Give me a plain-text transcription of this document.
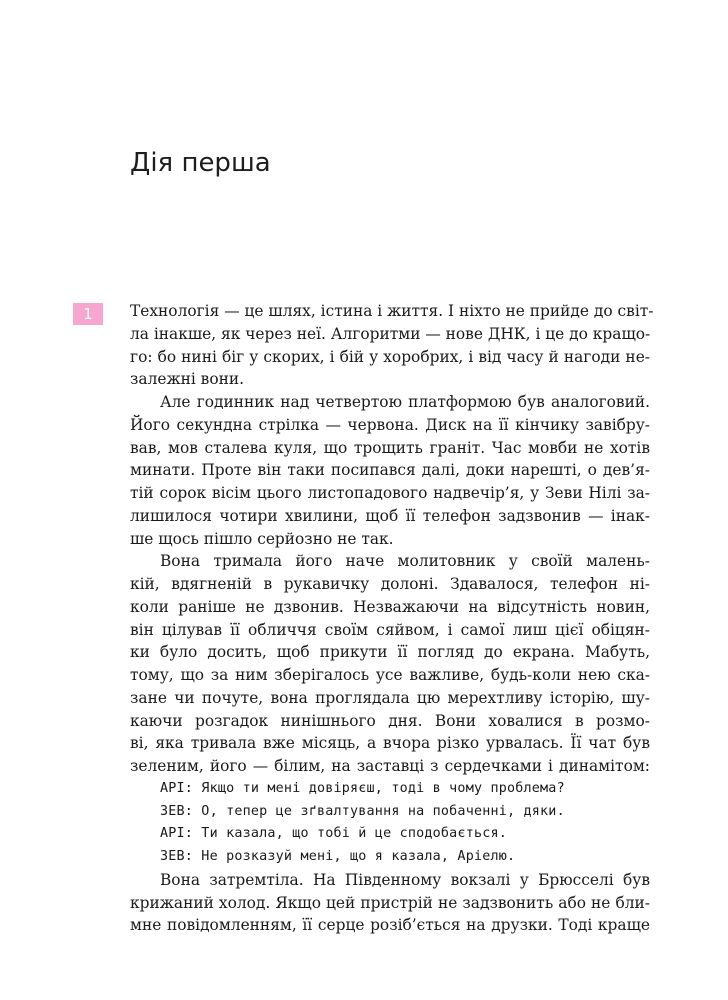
Дія перша
1	Технологія — це шлях, істина і життя. І ніхто не прийде до світ-
ла інакше, як через неї. Алгоритми — нове ДНК, і це до кращо-
го: бо нині біг у скорих, і бій у хоробрих, і від часу й нагоди не-
залежні вони.
Але годинник над четвертою платформою був аналоговий.
Його секундна стрілка — червона. Диск на її кінчику завібру-
вав, мов сталева куля, що трощить граніт. Час мовби не хотів
минати. Проте він таки посипався далі, доки нарешті, о дев’я-
тій сорок вісім цього листопадового надвечір’я, у Зеви Нілі за-
лишилося чотири хвилини, щоб її телефон задзвонив — інак-
ше щось пішло серйозно не так.
Вона тримала його наче молитовник у своїй малень-
кій, вдягненій в рукавичку долоні. Здавалося, телефон ні-
коли раніше не дзвонив. Незважаючи на відсутність новин,
він цілував її обличчя своїм сяйвом, і самої лиш цієї обіцян-
ки було досить, щоб прикути її погляд до екрана. Мабуть,
тому, що за ним зберігалось усе важливе, будь-коли нею ска-
зане чи почуте, вона проглядала цю мерехтливу історію, шу-
каючи розгадок нинішнього дня. Вони ховалися в розмо-
ві, яка тривала вже місяць, а вчора різко урвалась. Її чат був
зеленим, його — білим, на заставці з сердечками і динамітом:
АРІ: Якщо ти мені довіряєш, тоді в чому проблема?
ЗЕВ: О, тепер це зґвалтування на побаченні, дяки.
АРІ: Ти казала, що тобі й це сподобається.
ЗЕВ: Не розказуй мені, що я казала, Аріелю.
Вона затремтіла. На Південному вокзалі у Брюсселі був
крижаний холод. Якщо цей пристрій не задзвонить або не бли-
мне повідомленням, її серце розіб’ється на друзки. Тоді краще
